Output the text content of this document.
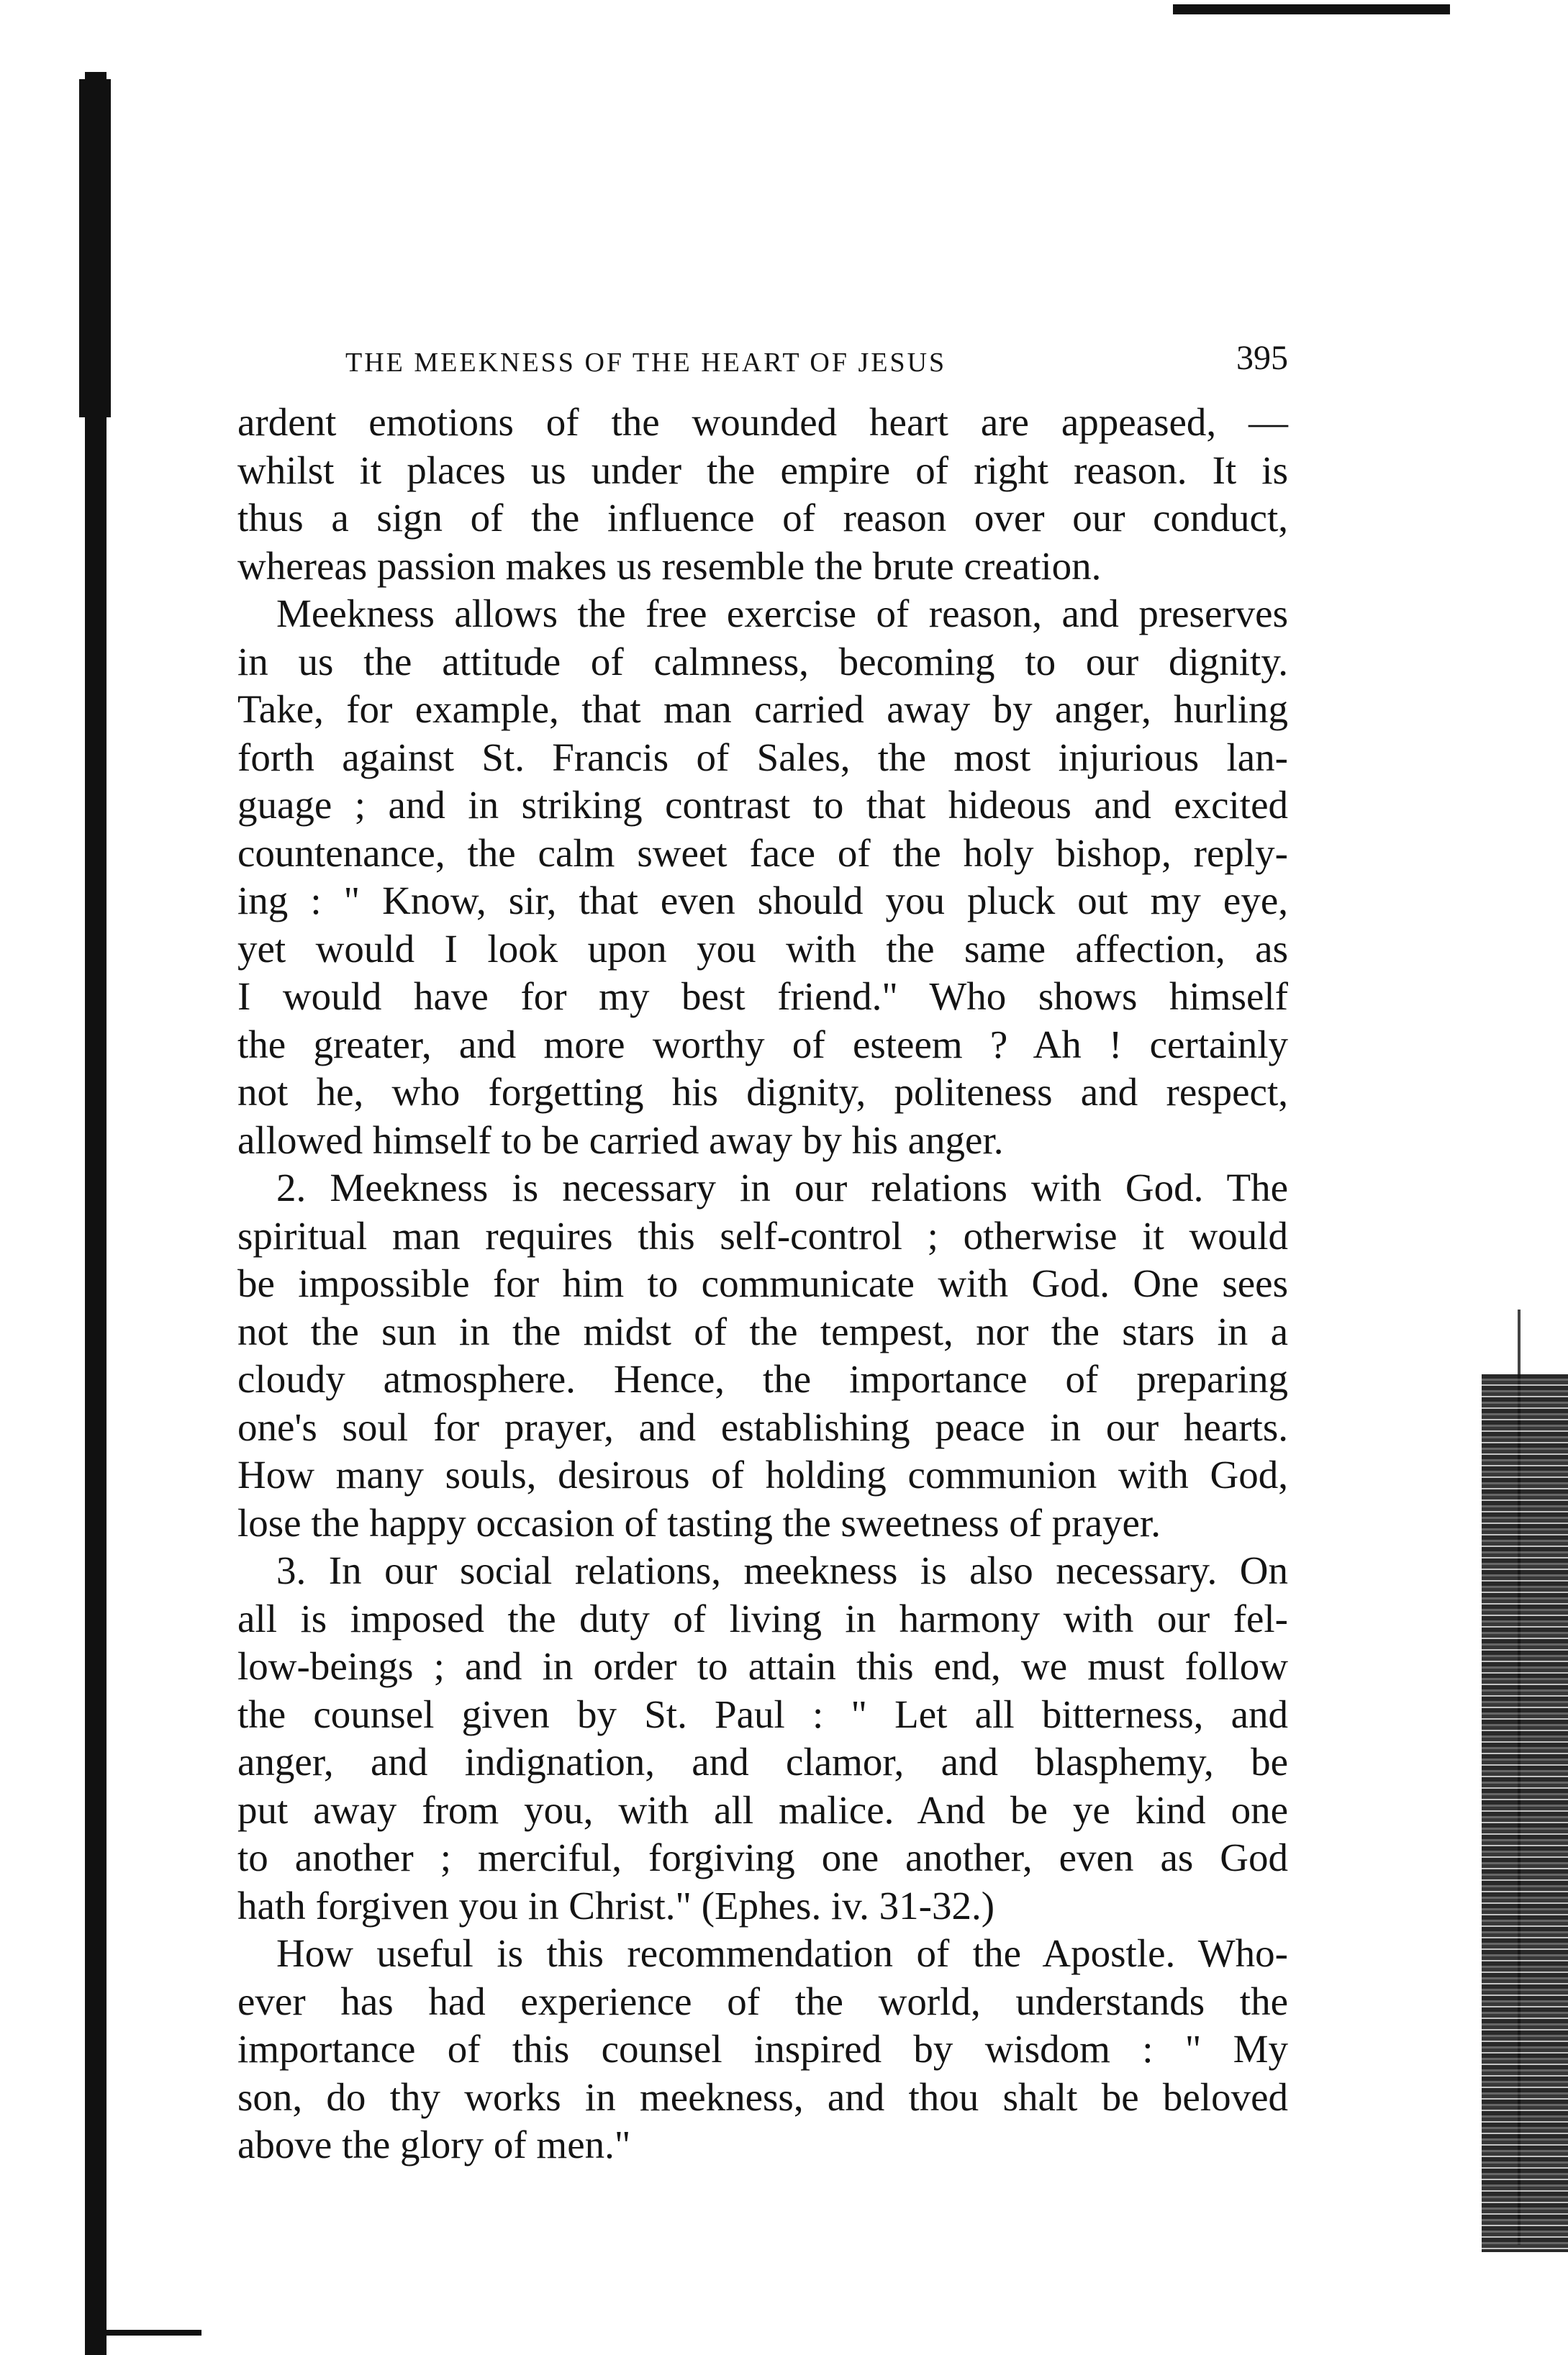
THE MEEKNESS OF THE HEART OF JESUS	395

ardent emotions of the wounded heart are appeased, —

whilst it places us under the empire of right reason. It is

thus a sign of the influence of reason over our conduct,

whereas passion makes us resemble the brute creation.

Meekness allows the free exercise of reason, and preserves

in us the attitude of calmness, becoming to our dignity.

Take, for example, that man carried away by anger, hurling

forth against St. Francis of Sales, the most injurious lan-

guage ; and in striking contrast to that hideous and excited

countenance, the calm sweet face of the holy bishop, reply-

ing : " Know, sir, that even should you pluck out my eye,

yet would I look upon you with the same affection, as

I would have for my best friend." Who shows himself

the greater, and more worthy of esteem ? Ah ! certainly

not he, who forgetting his dignity, politeness and respect,

allowed himself to be carried away by his anger.

2. Meekness is necessary in our relations with God. The

spiritual man requires this self-control ; otherwise it would

be impossible for him to communicate with God. One sees

not the sun in the midst of the tempest, nor the stars in a

cloudy atmosphere. Hence, the importance of preparing

one's soul for prayer, and establishing peace in our hearts.

How many souls, desirous of holding communion with God,

lose the happy occasion of tasting the sweetness of prayer.

3. In our social relations, meekness is also necessary. On

all is imposed the duty of living in harmony with our fel-

low-beings ; and in order to attain this end, we must follow

the counsel given by St. Paul : " Let all bitterness, and

anger, and indignation, and clamor, and blasphemy, be

put away from you, with all malice. And be ye kind one

to another ; merciful, forgiving one another, even as God

hath forgiven you in Christ." (Ephes. iv. 31-32.)

How useful is this recommendation of the Apostle. Who-

ever has had experience of the world, understands the

importance of this counsel inspired by wisdom : " My

son, do thy works in meekness, and thou shalt be beloved

above the glory of men."
